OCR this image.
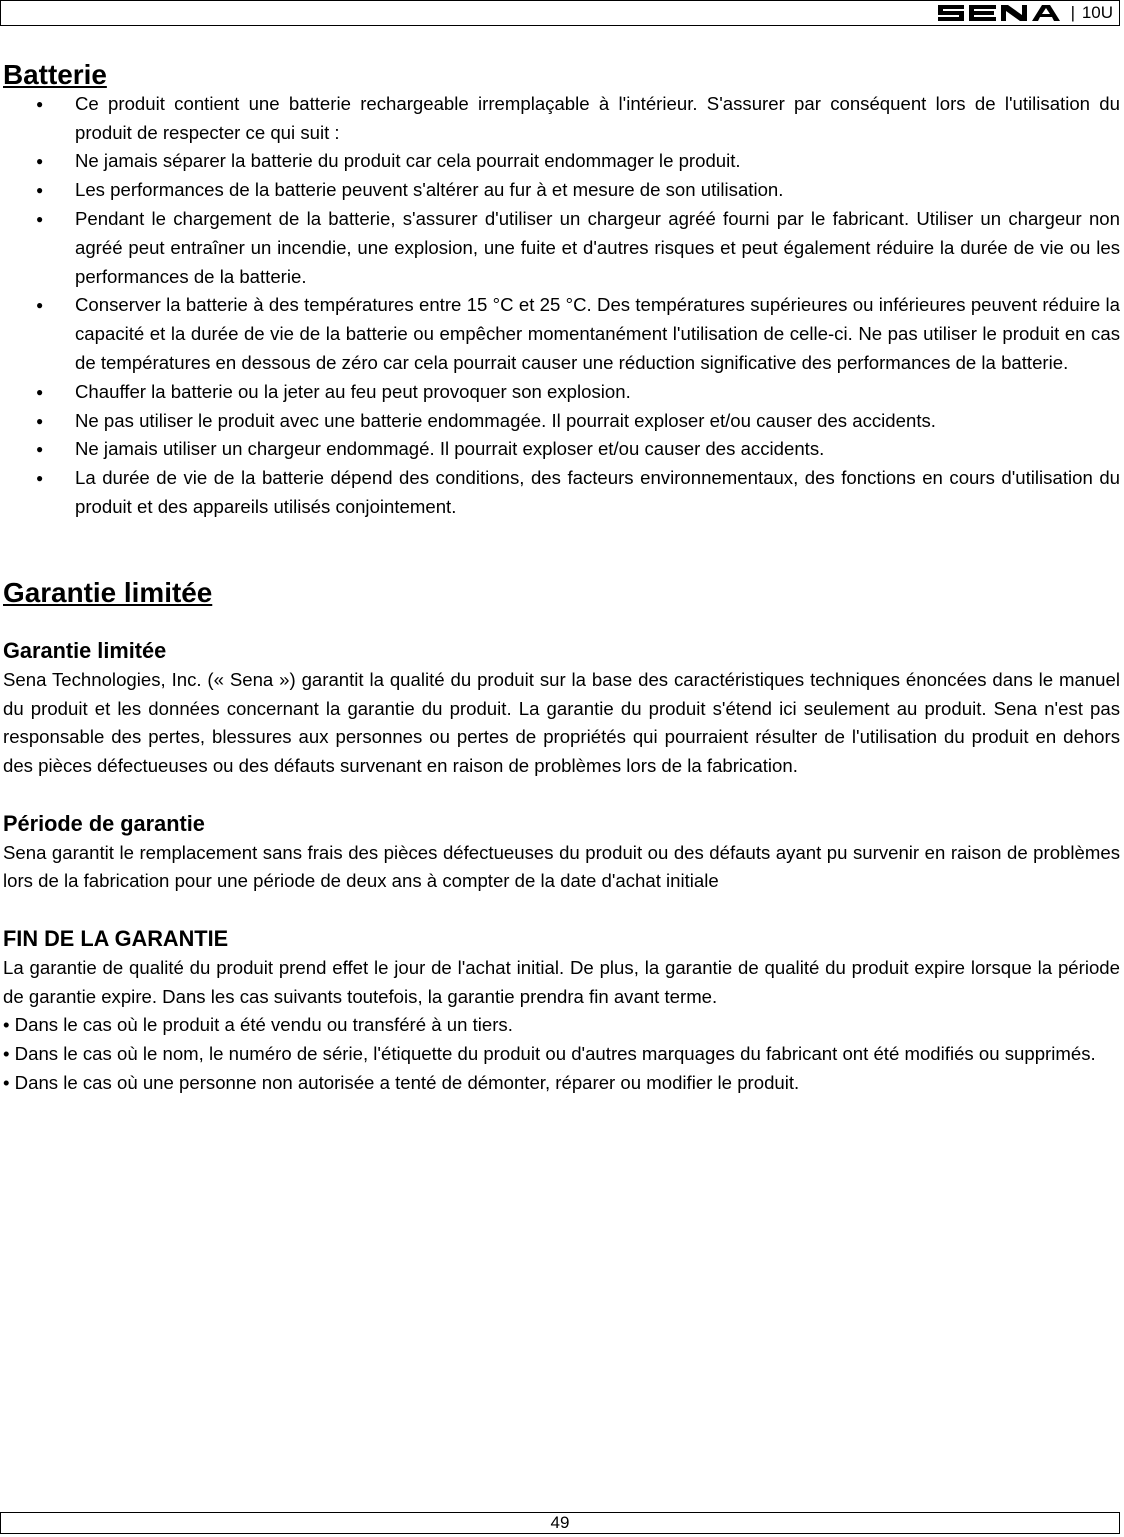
| 10U
Batterie
● Ce produit contient une batterie rechargeable irremplaçable à l'intérieur. S'assurer par conséquent lors de l'utilisation du produit de respecter ce qui suit :
● Ne jamais séparer la batterie du produit car cela pourrait endommager le produit.
● Les performances de la batterie peuvent s'altérer au fur à et mesure de son utilisation.
● Pendant le chargement de la batterie, s'assurer d'utiliser un chargeur agréé fourni par le fabricant. Utiliser un chargeur non agréé peut entraîner un incendie, une explosion, une fuite et d'autres risques et peut également réduire la durée de vie ou les performances de la batterie.
● Conserver la batterie à des températures entre 15 °C et 25 °C. Des températures supérieures ou inférieures peuvent réduire la capacité et la durée de vie de la batterie ou empêcher momentanément l'utilisation de celle-ci. Ne pas utiliser le produit en cas de températures en dessous de zéro car cela pourrait causer une réduction significative des performances de la batterie.
● Chauffer la batterie ou la jeter au feu peut provoquer son explosion.
● Ne pas utiliser le produit avec une batterie endommagée. Il pourrait exploser et/ou causer des accidents.
● Ne jamais utiliser un chargeur endommagé. Il pourrait exploser et/ou causer des accidents.
● La durée de vie de la batterie dépend des conditions, des facteurs environnementaux, des fonctions en cours d'utilisation du produit et des appareils utilisés conjointement.
Garantie limitée
Garantie limitée

Sena Technologies, Inc. (« Sena ») garantit la qualité du produit sur la base des caractéristiques techniques énoncées dans le manuel du produit et les données concernant la garantie du produit. La garantie du produit s'étend ici seulement au produit. Sena n'est pas responsable des pertes, blessures aux personnes ou pertes de propriétés qui pourraient résulter de l'utilisation du produit en dehors des pièces défectueuses ou des défauts survenant en raison de problèmes lors de la fabrication.

Période de garantie

Sena garantit le remplacement sans frais des pièces défectueuses du produit ou des défauts ayant pu survenir en raison de problèmes lors de la fabrication pour une période de deux ans à compter de la date d'achat initiale

FIN DE LA GARANTIE

La garantie de qualité du produit prend effet le jour de l'achat initial. De plus, la garantie de qualité du produit expire lorsque la période de garantie expire. Dans les cas suivants toutefois, la garantie prendra fin avant terme.

• Dans le cas où le produit a été vendu ou transféré à un tiers.

• Dans le cas où le nom, le numéro de série, l'étiquette du produit ou d'autres marquages du fabricant ont été modifiés ou supprimés.

• Dans le cas où une personne non autorisée a tenté de démonter, réparer ou modifier le produit.

49
